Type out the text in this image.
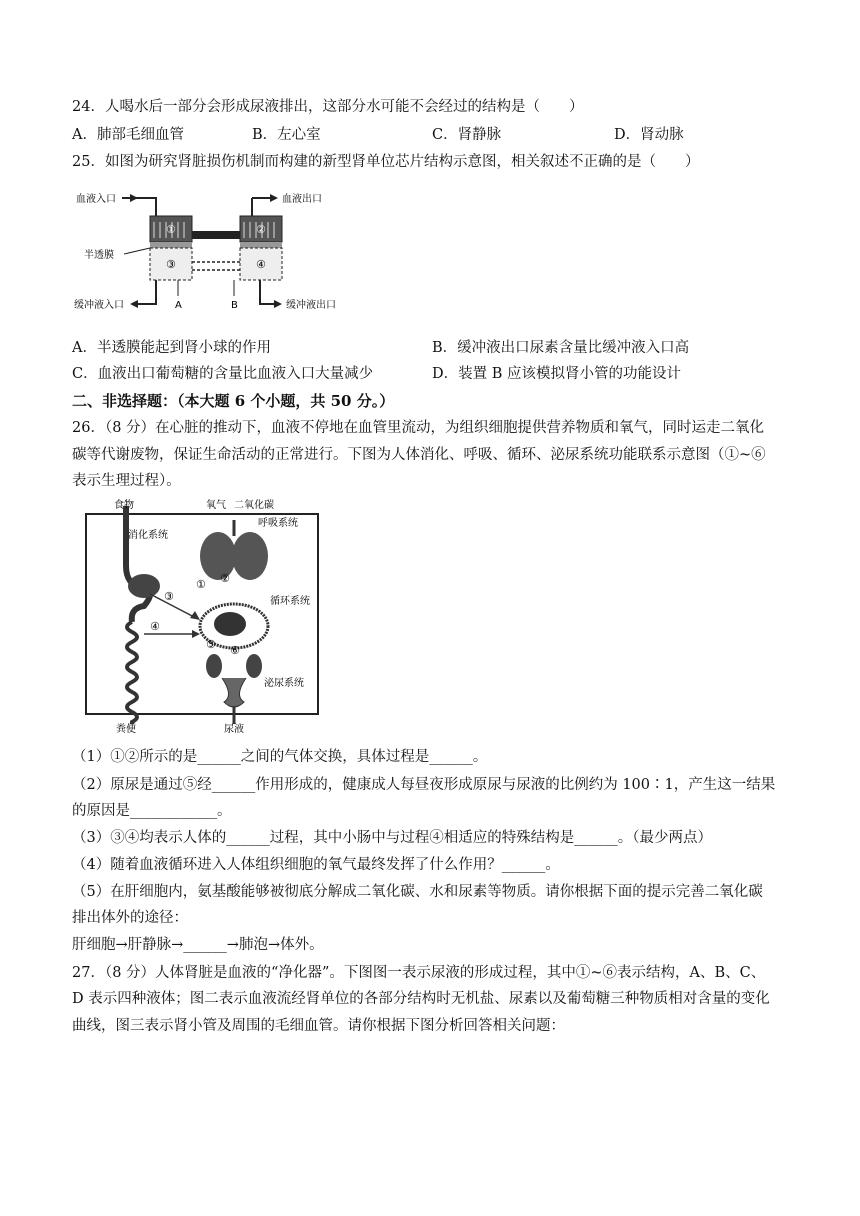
24．人喝水后一部分会形成尿液排出，这部分水可能不会经过的结构是（　　）
A．肺部毛细血管	B．左心室	C．肾静脉	D．肾动脉
25．如图为研究肾脏损伤机制而构建的新型肾单位芯片结构示意图，相关叙述不正确的是（　　）
①	②
③	④
血液入口	血液出口
半透膜
缓冲液入口	缓冲液出口
A	B
A．半透膜能起到肾小球的作用	B．缓冲液出口尿素含量比缓冲液入口高
C．血液出口葡萄糖的含量比血液入口大量减少	D．装置 B 应该模拟肾小管的功能设计
二、非选择题：（本大题 6 个小题，共 50 分。）
26．（8 分）在心脏的推动下，血液不停地在血管里流动，为组织细胞提供营养物质和氧气，同时运走二氧化
碳等代谢废物，保证生命活动的正常进行。下图为人体消化、呼吸、循环、泌尿系统功能联系示意图（①~⑥
表示生理过程）。
食物	氧气 二氧化碳
消化系统
呼吸系统
循环系统
泌尿系统
粪便	尿液
① ②
③
④
⑤ ⑥
（1）①②所示的是______之间的气体交换，具体过程是______。
（2）原尿是通过⑤经______作用形成的，健康成人每昼夜形成原尿与尿液的比例约为 100∶1，产生这一结果
的原因是____________。
（3）③④均表示人体的______过程，其中小肠中与过程④相适应的特殊结构是______。（最少两点）
（4）随着血液循环进入人体组织细胞的氧气最终发挥了什么作用？______。
（5）在肝细胞内，氨基酸能够被彻底分解成二氧化碳、水和尿素等物质。请你根据下面的提示完善二氧化碳
排出体外的途径：
肝细胞→肝静脉→______→肺泡→体外。
27．（8 分）人体肾脏是血液的“净化器”。下图图一表示尿液的形成过程，其中①~⑥表示结构，A、B、C、
D 表示四种液体；图二表示血液流经肾单位的各部分结构时无机盐、尿素以及葡萄糖三种物质相对含量的变化
曲线，图三表示肾小管及周围的毛细血管。请你根据下图分析回答相关问题：
